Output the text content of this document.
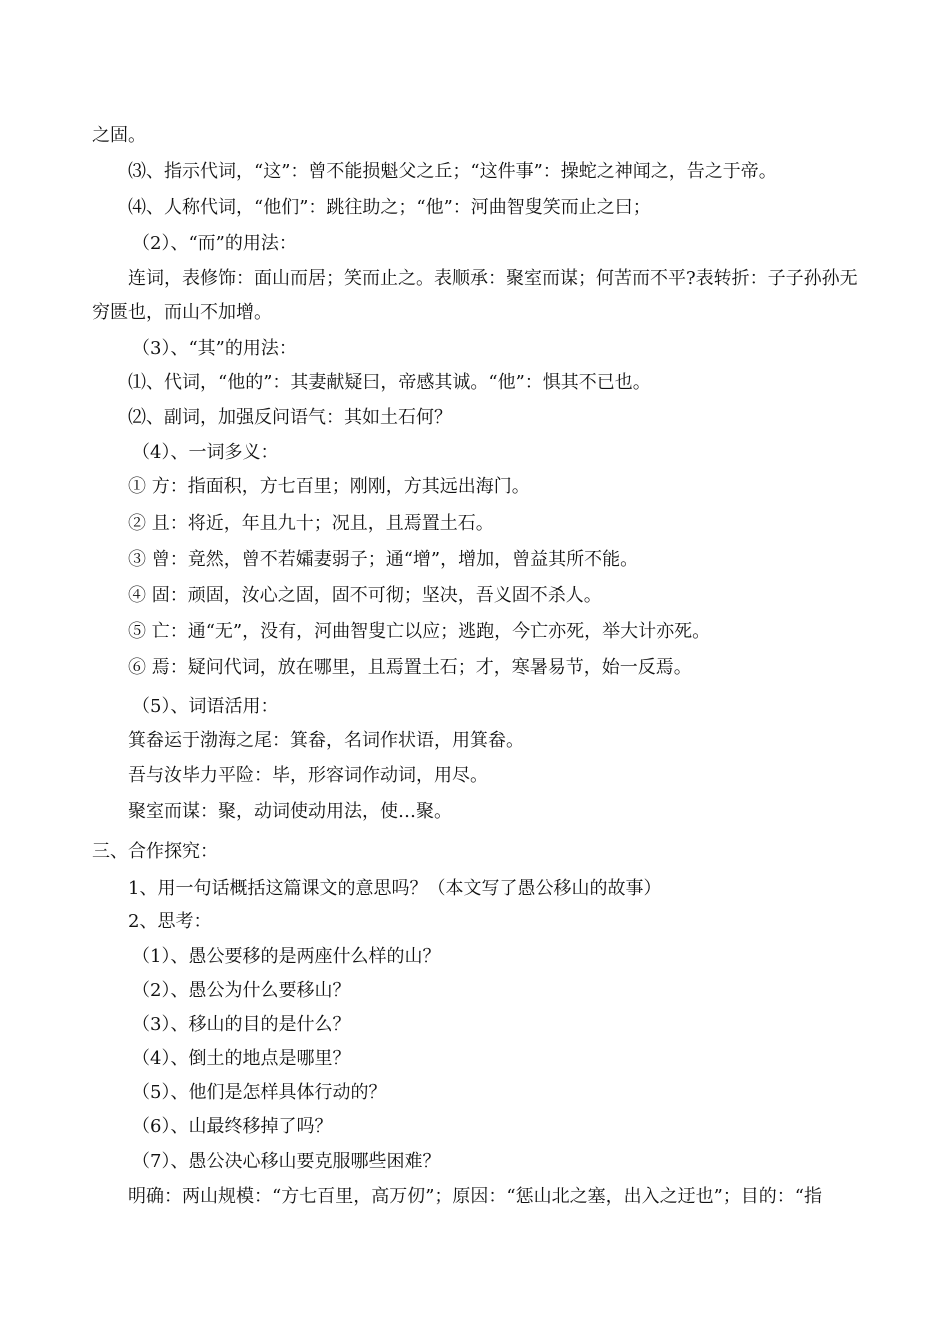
之固。
⑶、指示代词，“这”：曾不能损魁父之丘；“这件事”：操蛇之神闻之，告之于帝。
⑷、人称代词，“他们”：跳往助之；“他”：河曲智叟笑而止之曰；
（2）、“而”的用法：
连词，表修饰：面山而居；笑而止之。表顺承：聚室而谋；何苦而不平?表转折：子子孙孙无
穷匮也，而山不加增。
（3）、“其”的用法：
⑴、代词，“他的”：其妻献疑曰，帝感其诚。“他”：惧其不已也。
⑵、副词，加强反问语气：其如土石何？
（4）、一词多义：
① 方：指面积，方七百里；刚刚，方其远出海门。
② 且：将近，年且九十；况且，且焉置土石。
③ 曾：竟然，曾不若孀妻弱子；通“增”，增加，曾益其所不能。
④ 固：顽固，汝心之固，固不可彻；坚决，吾义固不杀人。
⑤ 亡：通“无”，没有，河曲智叟亡以应；逃跑，今亡亦死，举大计亦死。
⑥ 焉：疑问代词，放在哪里，且焉置土石；才，寒暑易节，始一反焉。
（5）、词语活用：
箕畚运于渤海之尾：箕畚，名词作状语，用箕畚。
吾与汝毕力平险：毕，形容词作动词，用尽。
聚室而谋：聚，动词使动用法，使…聚。
三、合作探究：
1、用一句话概括这篇课文的意思吗？（本文写了愚公移山的故事）
2、思考：
（1）、愚公要移的是两座什么样的山？
（2）、愚公为什么要移山？
（3）、移山的目的是什么？
（4）、倒土的地点是哪里？
（5）、他们是怎样具体行动的？
（6）、山最终移掉了吗？
（7）、愚公决心移山要克服哪些困难？
明确：两山规模：“方七百里，高万仞”；原因：“惩山北之塞，出入之迂也”；目的：“指
